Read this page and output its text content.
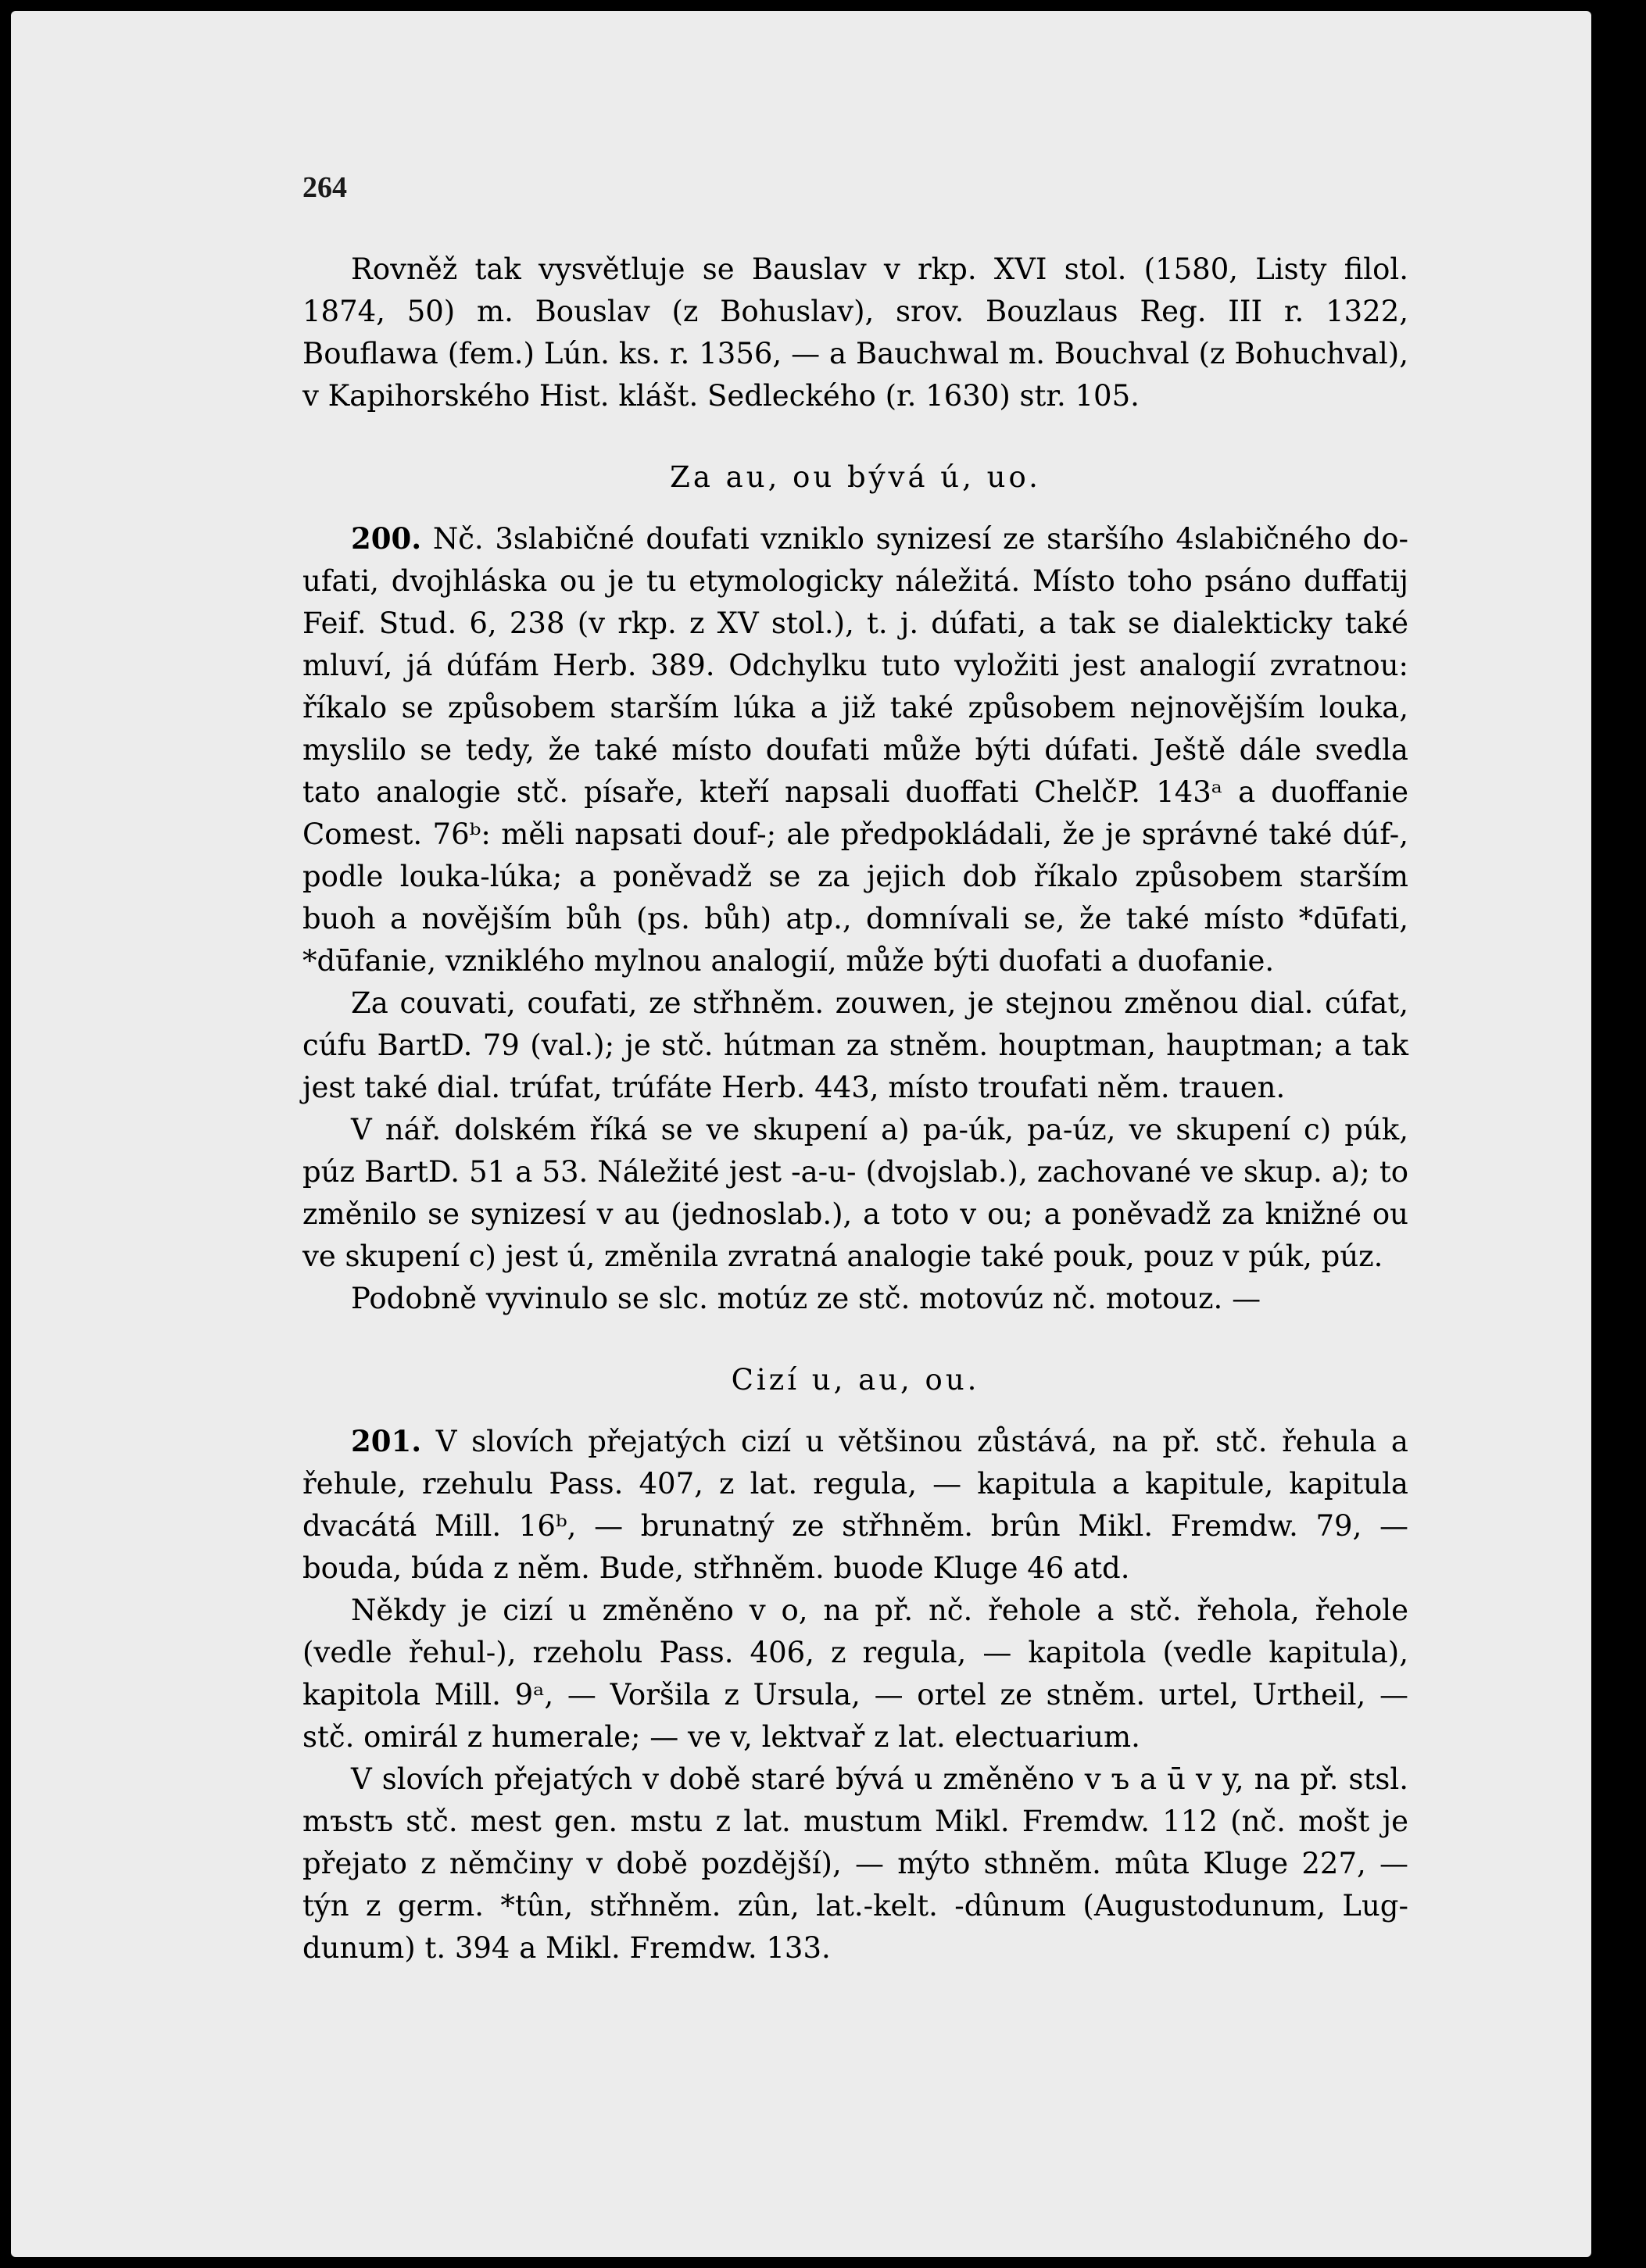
264

Rovněž tak vysvětluje se Bauslav v rkp. XVI stol. (1580, Listy filol. 1874, 50) m. Bouslav (z Bohuslav), srov. Bouzlaus Reg. III r. 1322, Bouflawa (fem.) Lún. ks. r. 1356, — a Bauchwal m. Bouchval (z Bohuchval), v Kapihorského Hist. klášt. Sedleckého (r. 1630) str. 105.

Za au, ou bývá ú, uo.

200. Nč. 3slabičné doufati vzniklo synizesí ze staršího 4slabičného do-ufati, dvojhláska ou je tu etymologicky náležitá. Místo toho psáno duffatij Feif. Stud. 6, 238 (v rkp. z XV stol.), t. j. dúfati, a tak se dialekticky také mluví, já dúfám Herb. 389. Odchylku tuto vyložiti jest analogií zvratnou: říkalo se způsobem starším lúka a již také způsobem nejnovějším louka, myslilo se tedy, že také místo doufati může býti dúfati. Ještě dále svedla tato analogie stč. písaře, kteří napsali duoffati ChelčP. 143ᵃ a duoffanie Comest. 76ᵇ: měli napsati douf-; ale předpokládali, že je správné také dúf-, podle louka-lúka; a poněvadž se za jejich dob říkalo způsobem starším buoh a novějším bůh (ps. bůh) atp., domnívali se, že také místo *dūfati, *dūfanie, vzniklého mylnou analogií, může býti duofati a duofanie.

Za couvati, coufati, ze střhněm. zouwen, je stejnou změnou dial. cúfat, cúfu BartD. 79 (val.); je stč. hútman za stněm. houptman, hauptman; a tak jest také dial. trúfat, trúfáte Herb. 443, místo troufati něm. trauen.

V nář. dolském říká se ve skupení a) pa-úk, pa-úz, ve skupení c) púk, púz BartD. 51 a 53. Náležité jest -a-u- (dvojslab.), zachované ve skup. a); to změnilo se synizesí v au (jednoslab.), a toto v ou; a poněvadž za knižné ou ve skupení c) jest ú, změnila zvratná analogie také pouk, pouz v púk, púz.

Podobně vyvinulo se slc. motúz ze stč. motovúz nč. motouz. —

Cizí u, au, ou.

201. V slovích přejatých cizí u většinou zůstává, na př. stč. řehula a řehule, rzehulu Pass. 407, z lat. regula, — kapitula a kapitule, kapitula dvacátá Mill. 16ᵇ, — brunatný ze střhněm. brûn Mikl. Fremdw. 79, — bouda, búda z něm. Bude, střhněm. buode Kluge 46 atd.

Někdy je cizí u změněno v o, na př. nč. řehole a stč. řehola, řehole (vedle řehul-), rzeholu Pass. 406, z regula, — kapitola (vedle kapitula), kapitola Mill. 9ᵃ, — Voršila z Ursula, — ortel ze stněm. urtel, Urtheil, — stč. omirál z humerale; — ve v, lektvař z lat. electuarium.

V slovích přejatých v době staré bývá u změněno v ъ a ū v y, na př. stsl. mъstъ stč. mest gen. mstu z lat. mustum Mikl. Fremdw. 112 (nč. mošt je přejato z němčiny v době pozdější), — mýto sthněm. mûta Kluge 227, — týn z germ. *tûn, střhněm. zûn, lat.-kelt. -dûnum (Augustodunum, Lug-dunum) t. 394 a Mikl. Fremdw. 133.
